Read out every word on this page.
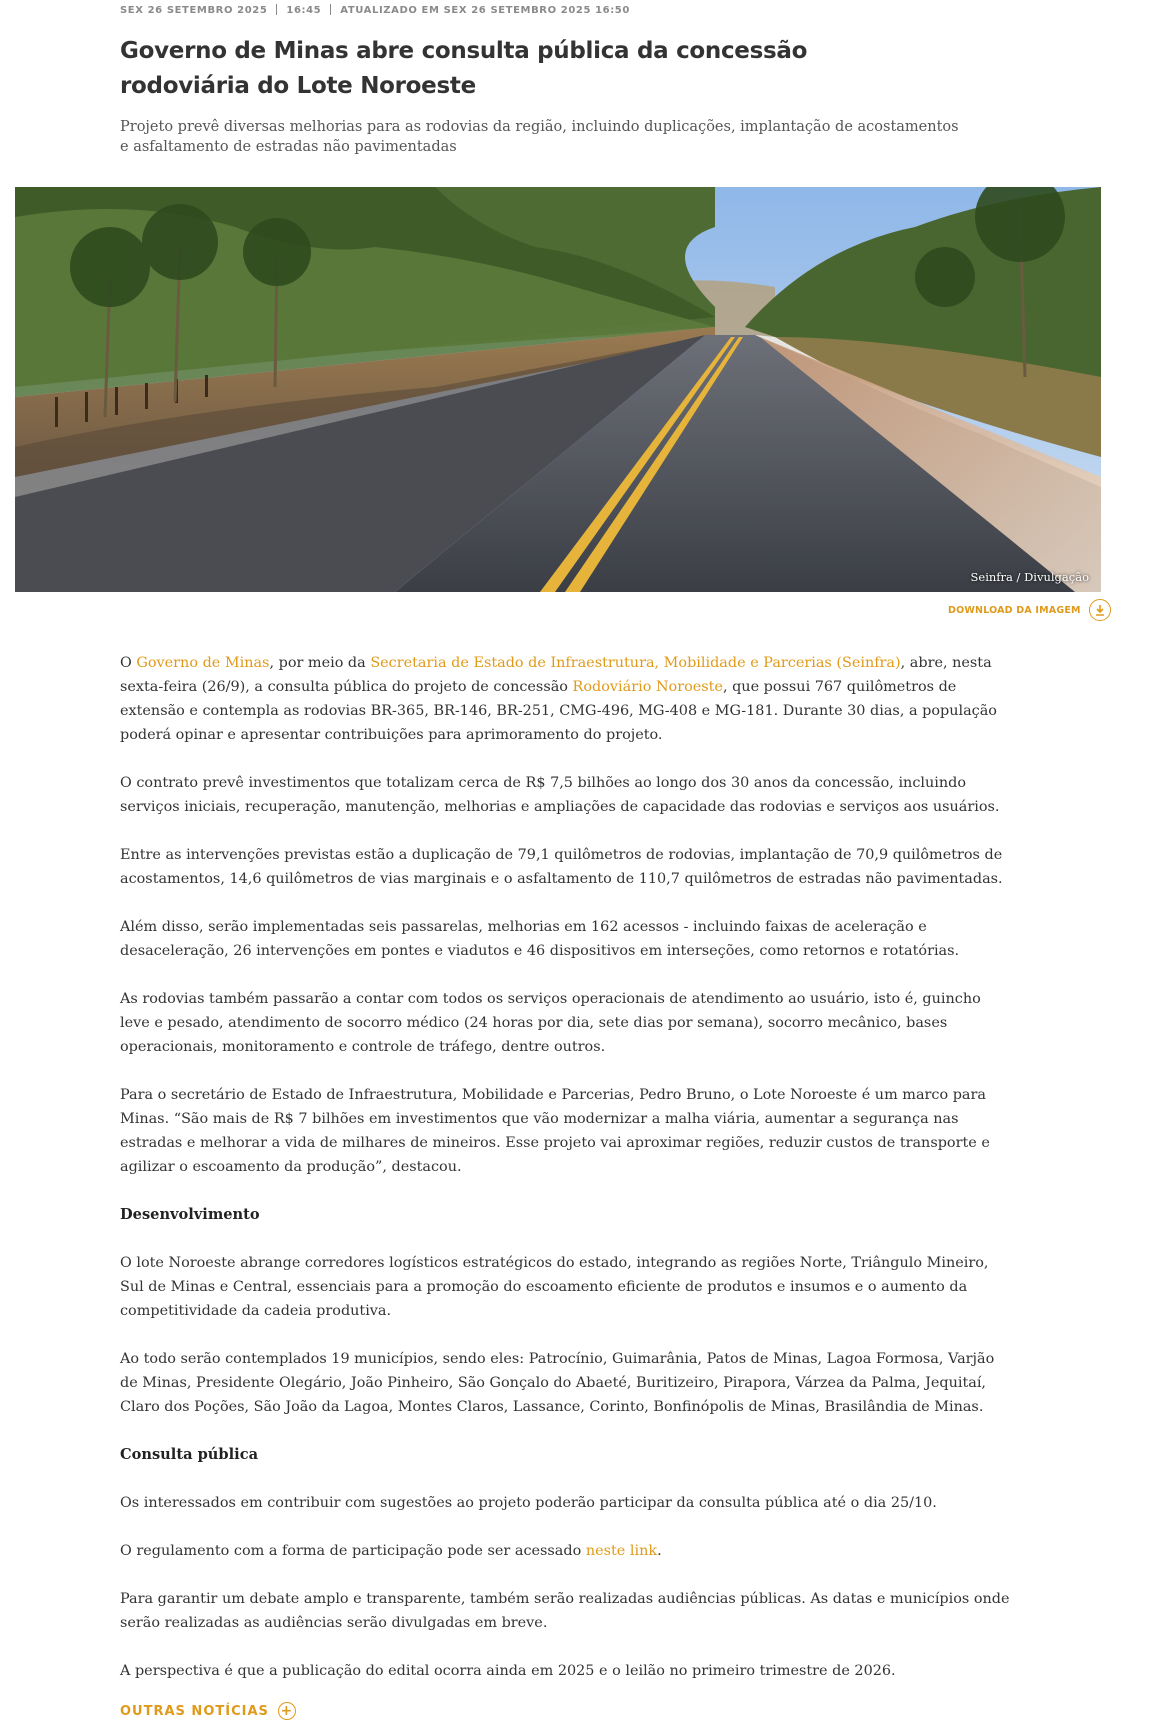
SEX 26 SETEMBRO 2025 16:45 ATUALIZADO EM SEX 26 SETEMBRO 2025 16:50
Governo de Minas abre consulta pública da concessão rodoviária do Lote Noroeste

Projeto prevê diversas melhorias para as rodovias da região, incluindo duplicações, implantação de acostamentos e asfaltamento de estradas não pavimentadas

Seinfra / Divulgação
DOWNLOAD DA IMAGEM

O Governo de Minas, por meio da Secretaria de Estado de Infraestrutura, Mobilidade e Parcerias (Seinfra), abre, nesta sexta-feira (26/9), a consulta pública do projeto de concessão Rodoviário Noroeste, que possui 767 quilômetros de extensão e contempla as rodovias BR-365, BR-146, BR-251, CMG-496, MG-408 e MG-181. Durante 30 dias, a população poderá opinar e apresentar contribuições para aprimoramento do projeto.

O contrato prevê investimentos que totalizam cerca de R$ 7,5 bilhões ao longo dos 30 anos da concessão, incluindo serviços iniciais, recuperação, manutenção, melhorias e ampliações de capacidade das rodovias e serviços aos usuários.

Entre as intervenções previstas estão a duplicação de 79,1 quilômetros de rodovias, implantação de 70,9 quilômetros de acostamentos, 14,6 quilômetros de vias marginais e o asfaltamento de 110,7 quilômetros de estradas não pavimentadas.

Além disso, serão implementadas seis passarelas, melhorias em 162 acessos - incluindo faixas de aceleração e desaceleração, 26 intervenções em pontes e viadutos e 46 dispositivos em interseções, como retornos e rotatórias.

As rodovias também passarão a contar com todos os serviços operacionais de atendimento ao usuário, isto é, guincho leve e pesado, atendimento de socorro médico (24 horas por dia, sete dias por semana), socorro mecânico, bases operacionais, monitoramento e controle de tráfego, dentre outros.

Para o secretário de Estado de Infraestrutura, Mobilidade e Parcerias, Pedro Bruno, o Lote Noroeste é um marco para Minas. “São mais de R$ 7 bilhões em investimentos que vão modernizar a malha viária, aumentar a segurança nas estradas e melhorar a vida de milhares de mineiros. Esse projeto vai aproximar regiões, reduzir custos de transporte e agilizar o escoamento da produção”, destacou.

Desenvolvimento

O lote Noroeste abrange corredores logísticos estratégicos do estado, integrando as regiões Norte, Triângulo Mineiro, Sul de Minas e Central, essenciais para a promoção do escoamento eficiente de produtos e insumos e o aumento da competitividade da cadeia produtiva.

Ao todo serão contemplados 19 municípios, sendo eles: Patrocínio, Guimarânia, Patos de Minas, Lagoa Formosa, Varjão de Minas, Presidente Olegário, João Pinheiro, São Gonçalo do Abaeté, Buritizeiro, Pirapora, Várzea da Palma, Jequitaí, Claro dos Poções, São João da Lagoa, Montes Claros, Lassance, Corinto, Bonfinópolis de Minas, Brasilândia de Minas.

Consulta pública

Os interessados em contribuir com sugestões ao projeto poderão participar da consulta pública até o dia 25/10.

O regulamento com a forma de participação pode ser acessado neste link.

Para garantir um debate amplo e transparente, também serão realizadas audiências públicas. As datas e municípios onde serão realizadas as audiências serão divulgadas em breve.

A perspectiva é que a publicação do edital ocorra ainda em 2025 e o leilão no primeiro trimestre de 2026.

OUTRAS NOTÍCIAS +
